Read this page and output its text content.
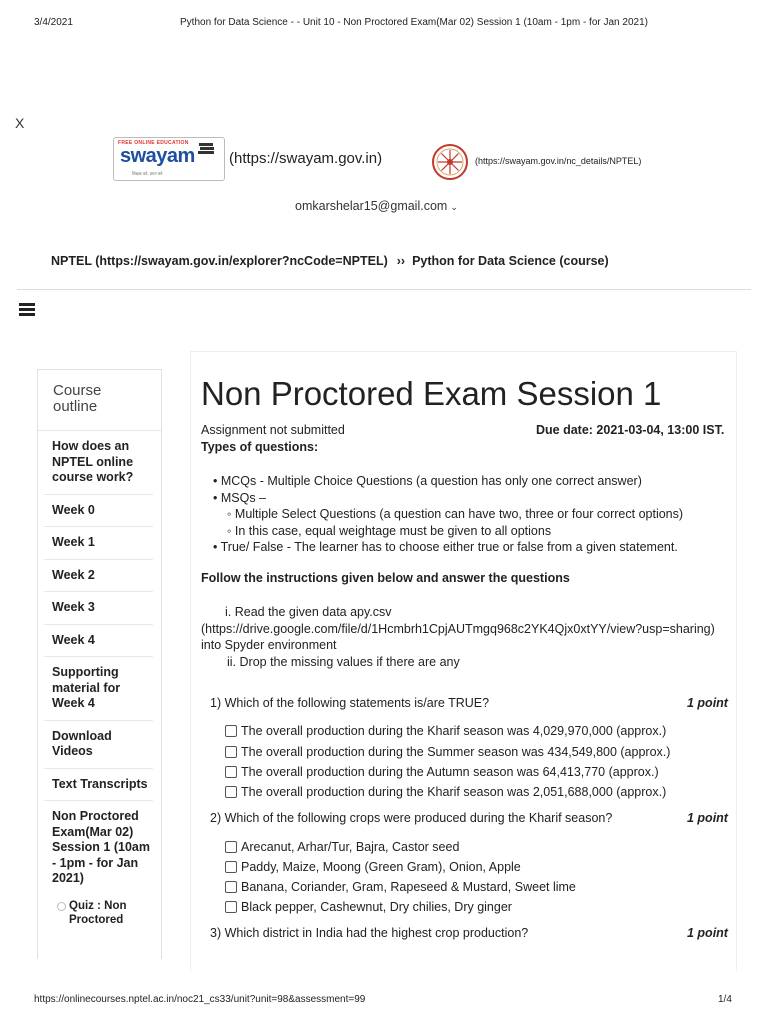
3/4/2021	Python for Data Science - - Unit 10 - Non Proctored Exam(Mar 02) Session 1 (10am - 1pm - for Jan 2021)
https://onlinecourses.nptel.ac.in/noc21_cs33/unit?unit=98&assessment=99	1/4
X
FREE ONLINE EDUCATION
swayam
शिक्षक करे, प्रगत करे
(https://swayam.gov.in)	(https://swayam.gov.in/nc_details/NPTEL)
omkarshelar15@gmail.com ⌄
NPTEL (https://swayam.gov.in/explorer?ncCode=NPTEL) ›› Python for Data Science (course)
Course
outline
How does an NPTEL online course work?
Week 0
Week 1
Week 2
Week 3
Week 4
Supporting material for Week 4
Download Videos
Text Transcripts
Non Proctored Exam(Mar 02) Session 1 (10am - 1pm - for Jan 2021)
Quiz : Non Proctored
Non Proctored Exam Session 1
Assignment not submitted	Due date: 2021-03-04, 13:00 IST.
Types of questions:
• MCQs - Multiple Choice Questions (a question has only one correct answer)
• MSQs –
◦ Multiple Select Questions (a question can have two, three or four correct options)
◦ In this case, equal weightage must be given to all options
• True/ False - The learner has to choose either true or false from a given statement.
Follow the instructions given below and answer the questions
i. Read the given data apy.csv
(https://drive.google.com/file/d/1Hcmbrh1CpjAUTmgq968c2YK4Qjx0xtYY/view?usp=sharing)
into Spyder environment
ii. Drop the missing values if there are any
1) Which of the following statements is/are TRUE?	1 point
The overall production during the Kharif season was 4,029,970,000 (approx.)
The overall production during the Summer season was 434,549,800 (approx.)
The overall production during the Autumn season was 64,413,770 (approx.)
The overall production during the Kharif season was 2,051,688,000 (approx.)
2) Which of the following crops were produced during the Kharif season?	1 point
Arecanut, Arhar/Tur, Bajra, Castor seed
Paddy, Maize, Moong (Green Gram), Onion, Apple
Banana, Coriander, Gram, Rapeseed & Mustard, Sweet lime
Black pepper, Cashewnut, Dry chilies, Dry ginger
3) Which district in India had the highest crop production?	1 point
